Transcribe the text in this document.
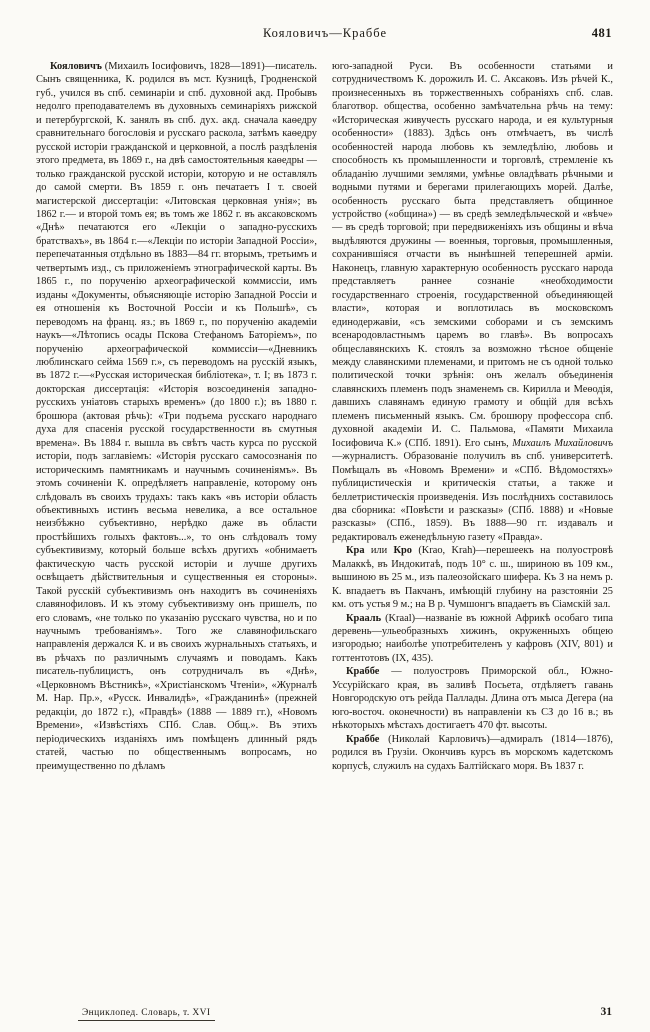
Кояловичъ—Краббе	481

Кояловичъ (Михаилъ Іосифовичъ, 1828—1891)—писатель. Сынъ священника, К. родился въ мст. Кузницѣ, Гродненской губ., учился въ спб. семинаріи и спб. духовной акд. Пробывъ недолго преподавателемъ въ духовныхъ семинаріяхъ рижской и петербургской, К. занялъ въ спб. дух. акд. сначала каѳедру сравнительнаго богословія и русскаго раскола, затѣмъ каѳедру русской исторіи гражданской и церковной, а послѣ раздѣленія этого предмета, въ 1869 г., на двѣ самостоятельныя каѳедры — только гражданской русской исторіи, которую и не оставлялъ до самой смерти. Въ 1859 г. онъ печатаетъ I т. своей магистерской диссертаціи: «Литовская церковная унія»; въ 1862 г.— и второй томъ ея; въ томъ же 1862 г. въ аксаковскомъ «Днѣ» печатаются его «Лекціи о западно-русскихъ братствахъ», въ 1864 г.—«Лекціи по исторіи Западной Россіи», перепечатанныя отдѣльно въ 1883—84 гг. вторымъ, третьимъ и четвертымъ изд., съ приложеніемъ этнографической карты. Въ 1865 г., по порученію археографической коммиссіи, имъ изданы «Документы, объясняющіе исторію Западной Россіи и ея отношенія къ Восточной Россіи и къ Польшѣ», съ переводомъ на франц. яз.; въ 1869 г., по порученію академіи наукъ—«Лѣтопись осады Пскова Стефаномъ Баторіемъ», по порученію археографической коммиссіи—«Дневникъ люблинскаго сейма 1569 г.», съ переводомъ на русскій языкъ, въ 1872 г.—«Русская историческая библіотека», т. I; въ 1873 г. докторская диссертація: «Исторія возсоединенія западно-русскихъ уніатовъ старыхъ временъ» (до 1800 г.); въ 1880 г. брошюра (актовая рѣчь): «Три подъема русскаго народнаго духа для спасенія русской государственности въ смутныя времена». Въ 1884 г. вышла въ свѣтъ часть курса по русской исторіи, подъ заглавіемъ: «Исторія русскаго самосознанія по историческимъ памятникамъ и научнымъ сочиненіямъ». Въ этомъ сочиненіи К. опредѣляетъ направленіе, которому онъ слѣдовалъ въ своихъ трудахъ: такъ какъ «въ исторіи область объективныхъ истинъ весьма невелика, а все остальное неизбѣжно субъективно, нерѣдко даже въ области простѣйшихъ голыхъ фактовъ...», то онъ слѣдовалъ тому субъективизму, который больше всѣхъ другихъ «обнимаетъ фактическую часть русской исторіи и лучше другихъ освѣщаетъ дѣйствительныя и существенныя ея стороны». Такой русскій субъективизмъ онъ находитъ въ сочиненіяхъ славянофиловъ. И къ этому субъективизму онъ пришелъ, по его словамъ, «не только по указанію русскаго чувства, но и по научнымъ требованіямъ». Того же славянофильскаго направленія держался К. и въ своихъ журнальныхъ статьяхъ, и въ рѣчахъ по различнымъ случаямъ и поводамъ. Какъ писатель-публицистъ, онъ сотрудничалъ въ «Днѣ», «Церковномъ Вѣстникѣ», «Христіанскомъ Чтеніи», «Журналѣ М. Нар. Пр.», «Русск. Инвалидѣ», «Гражданинѣ» (прежней редакціи, до 1872 г.), «Правдѣ» (1888 — 1889 гг.), «Новомъ Времени», «Извѣстіяхъ СПб. Слав. Общ.». Въ этихъ періодическихъ изданіяхъ имъ помѣщенъ длинный рядъ статей, частью по общественнымъ вопросамъ, но преимущественно по дѣламъ

юго-западной Руси. Въ особенности статьями и сотрудничествомъ К. дорожилъ И. С. Аксаковъ. Изъ рѣчей К., произнесенныхъ въ торжественныхъ собраніяхъ спб. слав. благотвор. общества, особенно замѣчательна рѣчь на тему: «Историческая живучесть русскаго народа, и ея культурныя особенности» (1883). Здѣсь онъ отмѣчаетъ, въ числѣ особенностей народа любовь къ земледѣлію, любовь и способность къ промышленности и торговлѣ, стремленіе къ обладанію лучшими землями, умѣнье овладѣвать рѣчными и водными путями и берегами прилегающихъ морей. Далѣе, особенность русскаго быта представляетъ общинное устройство («община») — въ средѣ земледѣльческой и «вѣче» — въ средѣ торговой; при передвиженіяхъ изъ общины и вѣча выдѣляются дружины — военныя, торговыя, промышленныя, сохранившіяся отчасти въ нынѣшней теперешней арміи. Наконецъ, главную характерную особенность русскаго народа представляетъ раннее сознаніе «необходимости государственнаго строенія, государственной объединяющей власти», которая и воплотилась въ московскомъ единодержавіи, «съ земскими соборами и съ земскимъ всенародовластнымъ царемъ во главѣ». Въ вопросахъ общеславянскихъ К. стоялъ за возможно тѣсное общеніе между славянскими племенами, и притомъ не съ одной только политической точки зрѣнія: онъ желалъ объединенія славянскихъ племенъ подъ знаменемъ св. Кирилла и Меѳодія, давшихъ славянамъ единую грамоту и общій для всѣхъ племенъ письменный языкъ. См. брошюру профессора спб. духовной академіи И. С. Пальмова, «Памяти Михаила Іосифовича К.» (СПб. 1891). Его сынъ, Михаилъ Михайловичъ—журналистъ. Образованіе получилъ въ спб. университетѣ. Помѣщалъ въ «Новомъ Времени» и «СПб. Вѣдомостяхъ» публицистическія и критическія статьи, а также и беллетристическія произведенія. Изъ послѣднихъ составилось два сборника: «Повѣсти и разсказы» (СПб. 1888) и «Новые разсказы» (СПб., 1859). Въ 1888—90 гг. издавалъ и редактировалъ еженедѣльную газету «Правда».

Кра или Кро (Krao, Krah)—перешеекъ на полуостровѣ Малаккѣ, въ Индокитаѣ, подъ 10° с. ш., шириною въ 109 км., вышиною въ 25 м., изъ палеозойскаго шифера. Къ З на немъ р. К. впадаетъ въ Пакчанъ, имѣющій глубину на разстояніи 25 км. отъ устья 9 м.; на В р. Чумшонгъ впадаетъ въ Сіамскій зал.

Крааль (Kraal)—названіе въ южной Африкѣ особаго типа деревень—ульеобразныхъ хижинъ, окруженныхъ общею изгородью; наиболѣе употребителенъ у кафровъ (XIV, 801) и готтентотовъ (IX, 435).

Краббе — полуостровъ Приморской обл., Южно-Уссурійскаго края, въ заливѣ Посьета, отдѣляетъ гавань Новгородскую отъ рейда Паллады. Длина отъ мыса Дегера (на юго-восточ. оконечности) въ направленіи къ СЗ до 16 в.; въ нѣкоторыхъ мѣстахъ достигаетъ 470 фт. высоты.

Краббе (Николай Карловичъ)—адмиралъ (1814—1876), родился въ Грузіи. Окончивъ курсъ въ морскомъ кадетскомъ корпусѣ, служилъ на судахъ Балтійскаго моря. Въ 1837 г.

Энциклопед. Словарь, т. XVI	31
